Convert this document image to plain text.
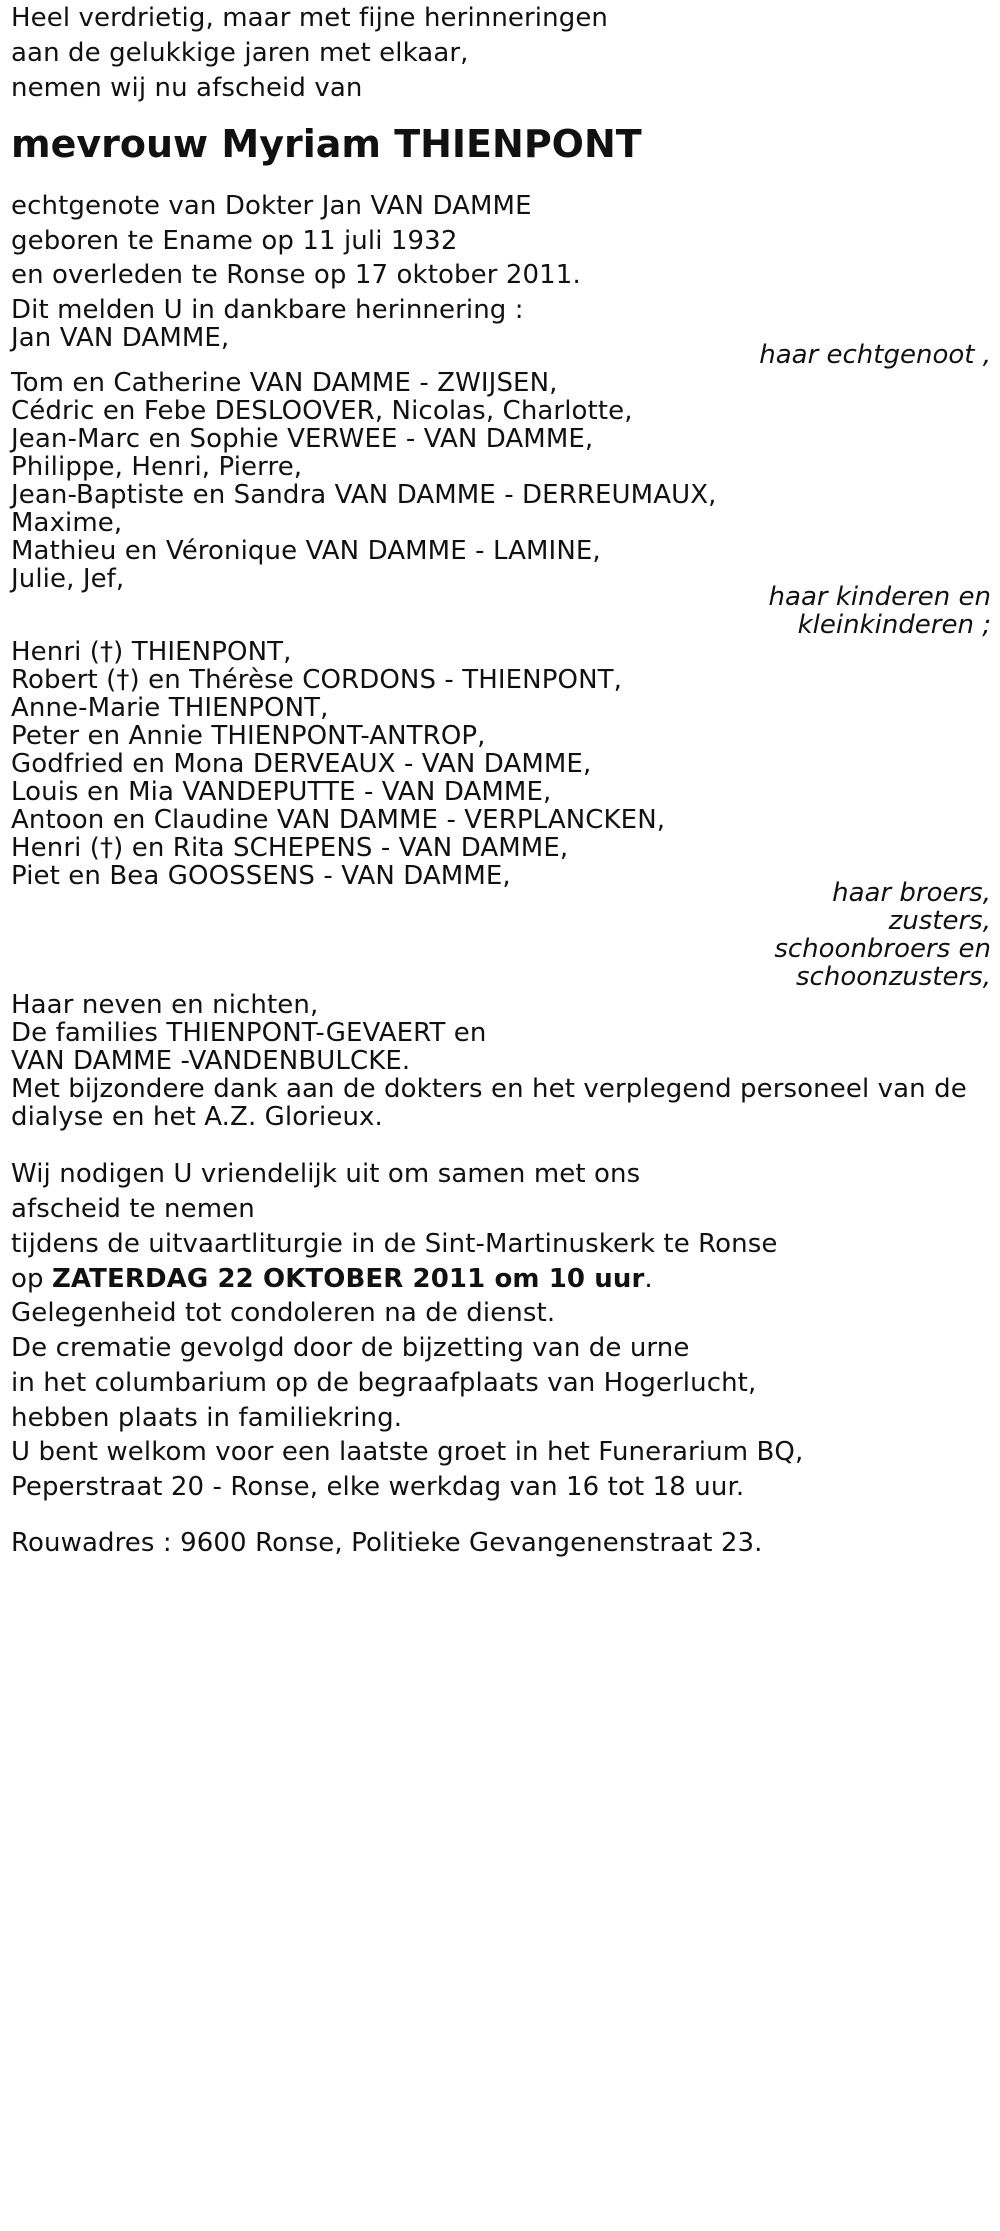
Heel verdrietig, maar met fijne herinneringen
aan de gelukkige jaren met elkaar,
nemen wij nu afscheid van
mevrouw Myriam THIENPONT
echtgenote van Dokter Jan VAN DAMME
geboren te Ename op 11 juli 1932
en overleden te Ronse op 17 oktober 2011.
Dit melden U in dankbare herinnering :
Jan VAN DAMME,
haar echtgenoot ,
Tom en Catherine VAN DAMME - ZWIJSEN,
Cédric en Febe DESLOOVER, Nicolas, Charlotte,
Jean-Marc en Sophie VERWEE - VAN DAMME,
Philippe, Henri, Pierre,
Jean-Baptiste en Sandra VAN DAMME - DERREUMAUX,
Maxime,
Mathieu en Véronique VAN DAMME - LAMINE,
Julie, Jef,
haar kinderen en
kleinkinderen ;
Henri (†) THIENPONT,
Robert (†) en Thérèse CORDONS - THIENPONT,
Anne-Marie THIENPONT,
Peter en Annie THIENPONT-ANTROP,
Godfried en Mona DERVEAUX - VAN DAMME,
Louis en Mia VANDEPUTTE - VAN DAMME,
Antoon en Claudine VAN DAMME - VERPLANCKEN,
Henri (†) en Rita SCHEPENS - VAN DAMME,
Piet en Bea GOOSSENS - VAN DAMME,
haar broers,
zusters,
schoonbroers en
schoonzusters,
Haar neven en nichten,
De families THIENPONT-GEVAERT en
VAN DAMME -VANDENBULCKE.
Met bijzondere dank aan de dokters en het verplegend personeel van de
dialyse en het A.Z. Glorieux.
Wij nodigen U vriendelijk uit om samen met ons
afscheid te nemen
tijdens de uitvaartliturgie in de Sint-Martinuskerk te Ronse
op ZATERDAG 22 OKTOBER 2011 om 10 uur.
Gelegenheid tot condoleren na de dienst.
De crematie gevolgd door de bijzetting van de urne
in het columbarium op de begraafplaats van Hogerlucht,
hebben plaats in familiekring.
U bent welkom voor een laatste groet in het Funerarium BQ,
Peperstraat 20 - Ronse, elke werkdag van 16 tot 18 uur.
Rouwadres : 9600 Ronse, Politieke Gevangenenstraat 23.
